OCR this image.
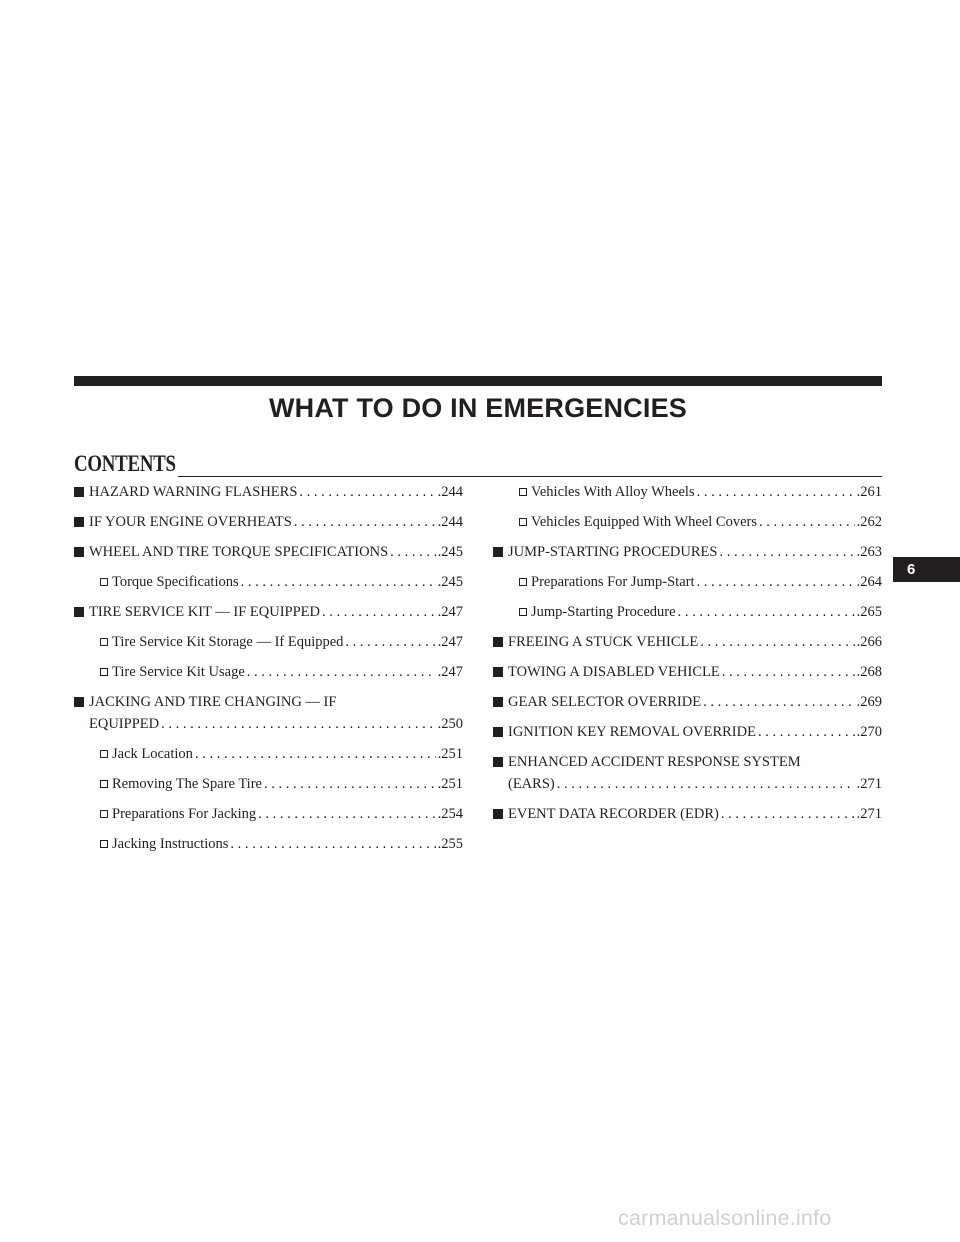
WHAT TO DO IN EMERGENCIES
CONTENTS
HAZARD WARNING FLASHERS . . .	.244
IF YOUR ENGINE OVERHEATS . . .	.244
WHEEL AND TIRE TORQUE SPECIFICATIONS . . .	.245
Torque Specifications . . .	.245
TIRE SERVICE KIT — IF EQUIPPED . . .	.247
Tire Service Kit Storage — If Equipped . . .	.247
Tire Service Kit Usage . . .	.247
JACKING AND TIRE CHANGING — IF
EQUIPPED . . .	.250
Jack Location . . .	.251
Removing The Spare Tire . . .	.251
Preparations For Jacking . . .	.254
Jacking Instructions . . .	.255
Vehicles With Alloy Wheels . . .	.261
Vehicles Equipped With Wheel Covers . . .	.262
JUMP-STARTING PROCEDURES . . .	.263
Preparations For Jump-Start . . .	.264
Jump-Starting Procedure . . .	.265
FREEING A STUCK VEHICLE . . .	.266
TOWING A DISABLED VEHICLE . . .	.268
GEAR SELECTOR OVERRIDE . . .	.269
IGNITION KEY REMOVAL OVERRIDE . . .	.270
ENHANCED ACCIDENT RESPONSE SYSTEM
(EARS) . . .	.271
EVENT DATA RECORDER (EDR) . . .	.271
6
carmanualsonline.info
